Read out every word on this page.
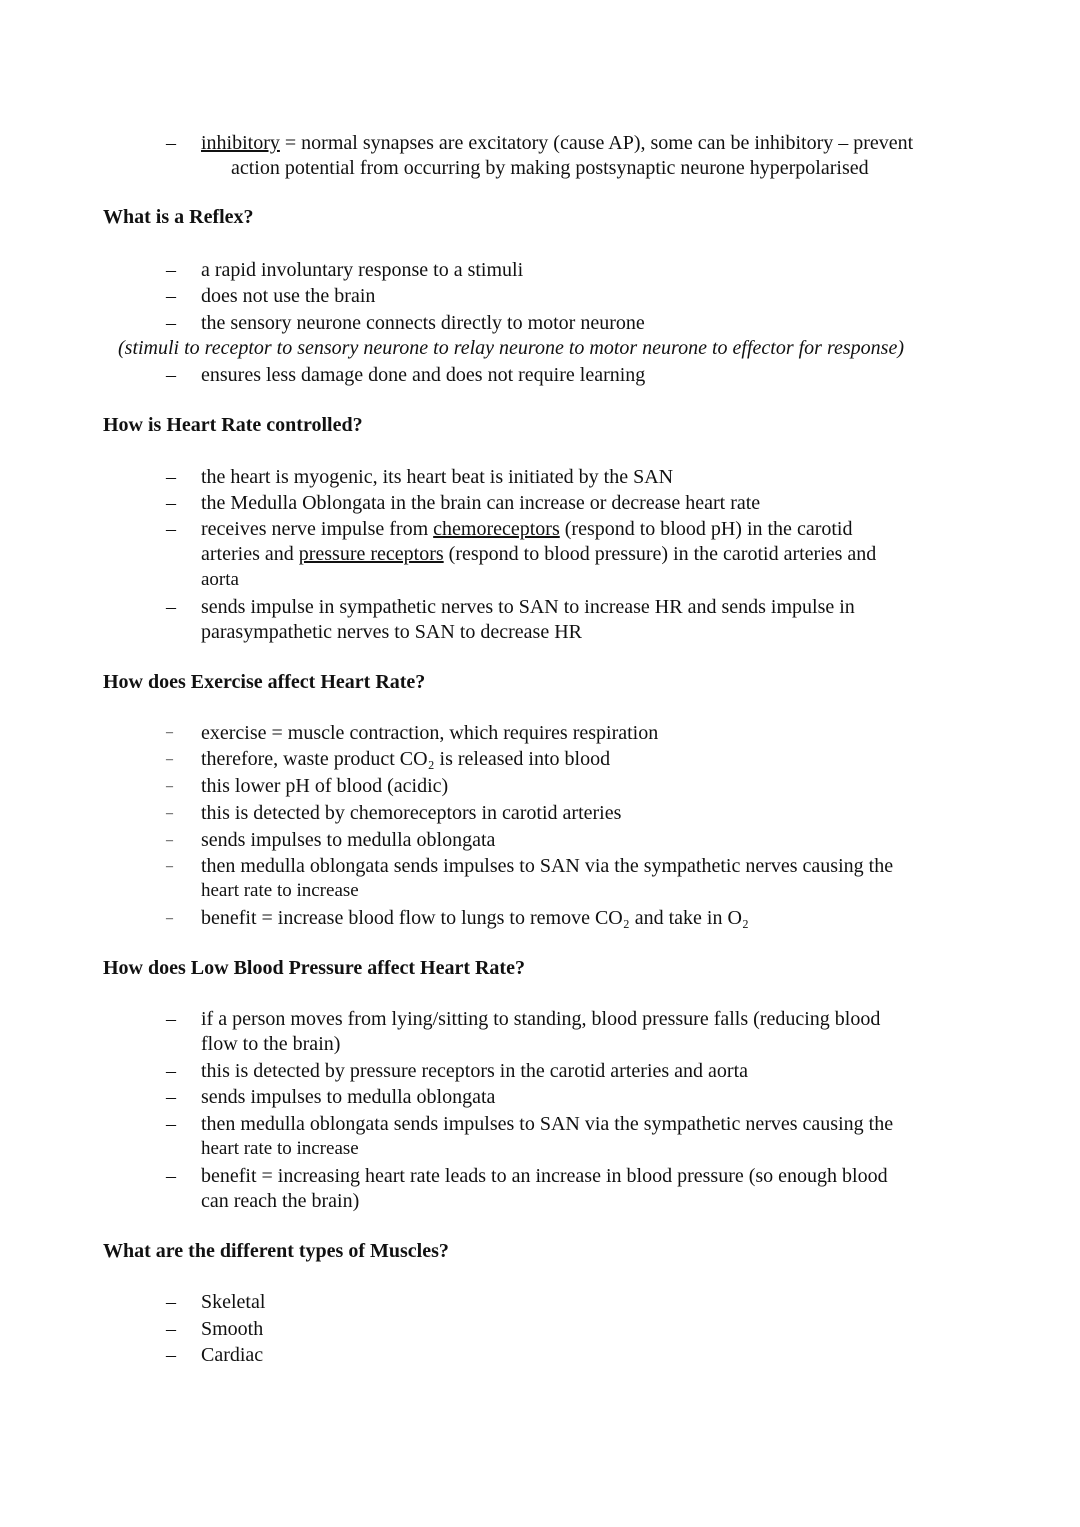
– inhibitory = normal synapses are excitatory (cause AP), some can be inhibitory – prevent
action potential from occurring by making postsynaptic neurone hyperpolarised
What is a Reflex?
– a rapid involuntary response to a stimuli
– does not use the brain
– the sensory neurone connects directly to motor neurone
(stimuli to receptor to sensory neurone to relay neurone to motor neurone to effector for response)
– ensures less damage done and does not require learning
How is Heart Rate controlled?
– the heart is myogenic, its heart beat is initiated by the SAN
– the Medulla Oblongata in the brain can increase or decrease heart rate
– receives nerve impulse from chemoreceptors (respond to blood pH) in the carotid
arteries and pressure receptors (respond to blood pressure) in the carotid arteries and
aorta
– sends impulse in sympathetic nerves to SAN to increase HR and sends impulse in
parasympathetic nerves to SAN to decrease HR
How does Exercise affect Heart Rate?
– exercise = muscle contraction, which requires respiration
– therefore, waste product CO₂ is released into blood
– this lower pH of blood (acidic)
– this is detected by chemoreceptors in carotid arteries
– sends impulses to medulla oblongata
– then medulla oblongata sends impulses to SAN via the sympathetic nerves causing the
heart rate to increase
– benefit = increase blood flow to lungs to remove CO₂ and take in O₂
How does Low Blood Pressure affect Heart Rate?
– if a person moves from lying/sitting to standing, blood pressure falls (reducing blood
flow to the brain)
– this is detected by pressure receptors in the carotid arteries and aorta
– sends impulses to medulla oblongata
– then medulla oblongata sends impulses to SAN via the sympathetic nerves causing the
heart rate to increase
– benefit = increasing heart rate leads to an increase in blood pressure (so enough blood
can reach the brain)
What are the different types of Muscles?
– Skeletal
– Smooth
– Cardiac
